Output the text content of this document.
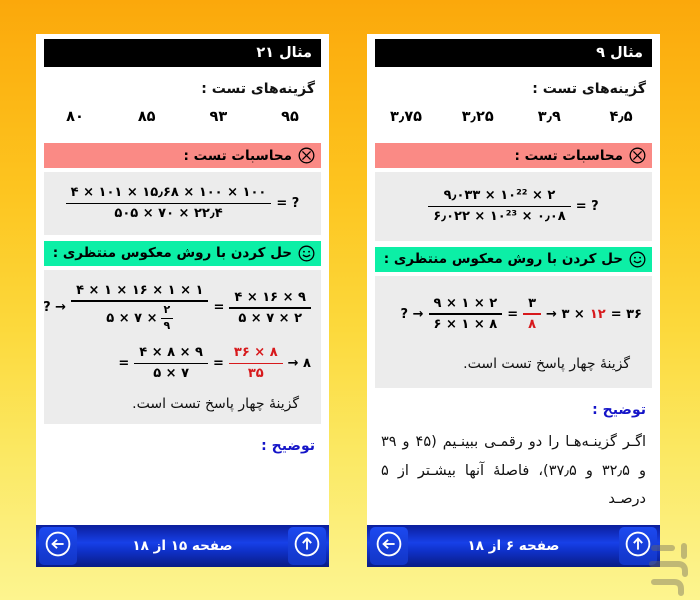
مثال ۲۱
گزینه‌های تست :
۹۵
۹۳
۸۵
۸۰
محاسبات تست :
= ?
$\frac{۴ \times ۱۰۱ \times ۱۵٫۶۸ \times ۱۰۰ \times ۱۰۰}{۵۰۵ \times ۷۰ \times ۲۲٫۴}$
حل کردن با روش معکوس منتظری :
$\frac{۴ \times ۱۶ \times ۹}{۵ \times ۷ \times ۲}$
=
۴ × ۱ × ۱۶ × ۱ × ۱
۵ × ۷ × $\frac{۲}{۹}$
? →
→ ۸
$\frac{۳۶ \times ۸}{۳۵}$
=
$\frac{۴ \times ۸ \times ۹}{۵ \times ۷}$
=
گزینهٔ چهار پاسخ تست است.
توضیح :
صفحه ۱۵ از ۱۸
مثال ۹
گزینه‌های تست :
۴٫۵
۳٫۹
۳٫۲۵
۳٫۷۵
محاسبات تست :
= ?
$\frac{\text{۹٫۰۳۳ × ۱۰²² × ۲}}{\text{۶٫۰۲۲ × ۱۰²³ × ۰٫۰۸}}$
حل کردن با روش معکوس منتظری :
= ۳۶
۱۲
→ ۳ ×
$\frac{۳}{۸}$
=
$\frac{۹ \times ۱ \times ۲}{۶ \times ۱ \times ۸}$
? →
گزینهٔ چهار پاسخ تست است.
توضیح :
اگـر گزینـه‌هـا را دو رقمـی ببینـیم (۴۵ و ۳۹ و ۳۲٫۵ و ۳۷٫۵)، فاصلهٔ آنها بیشـتر از ۵ درصـد
صفحه ۶ از ۱۸
